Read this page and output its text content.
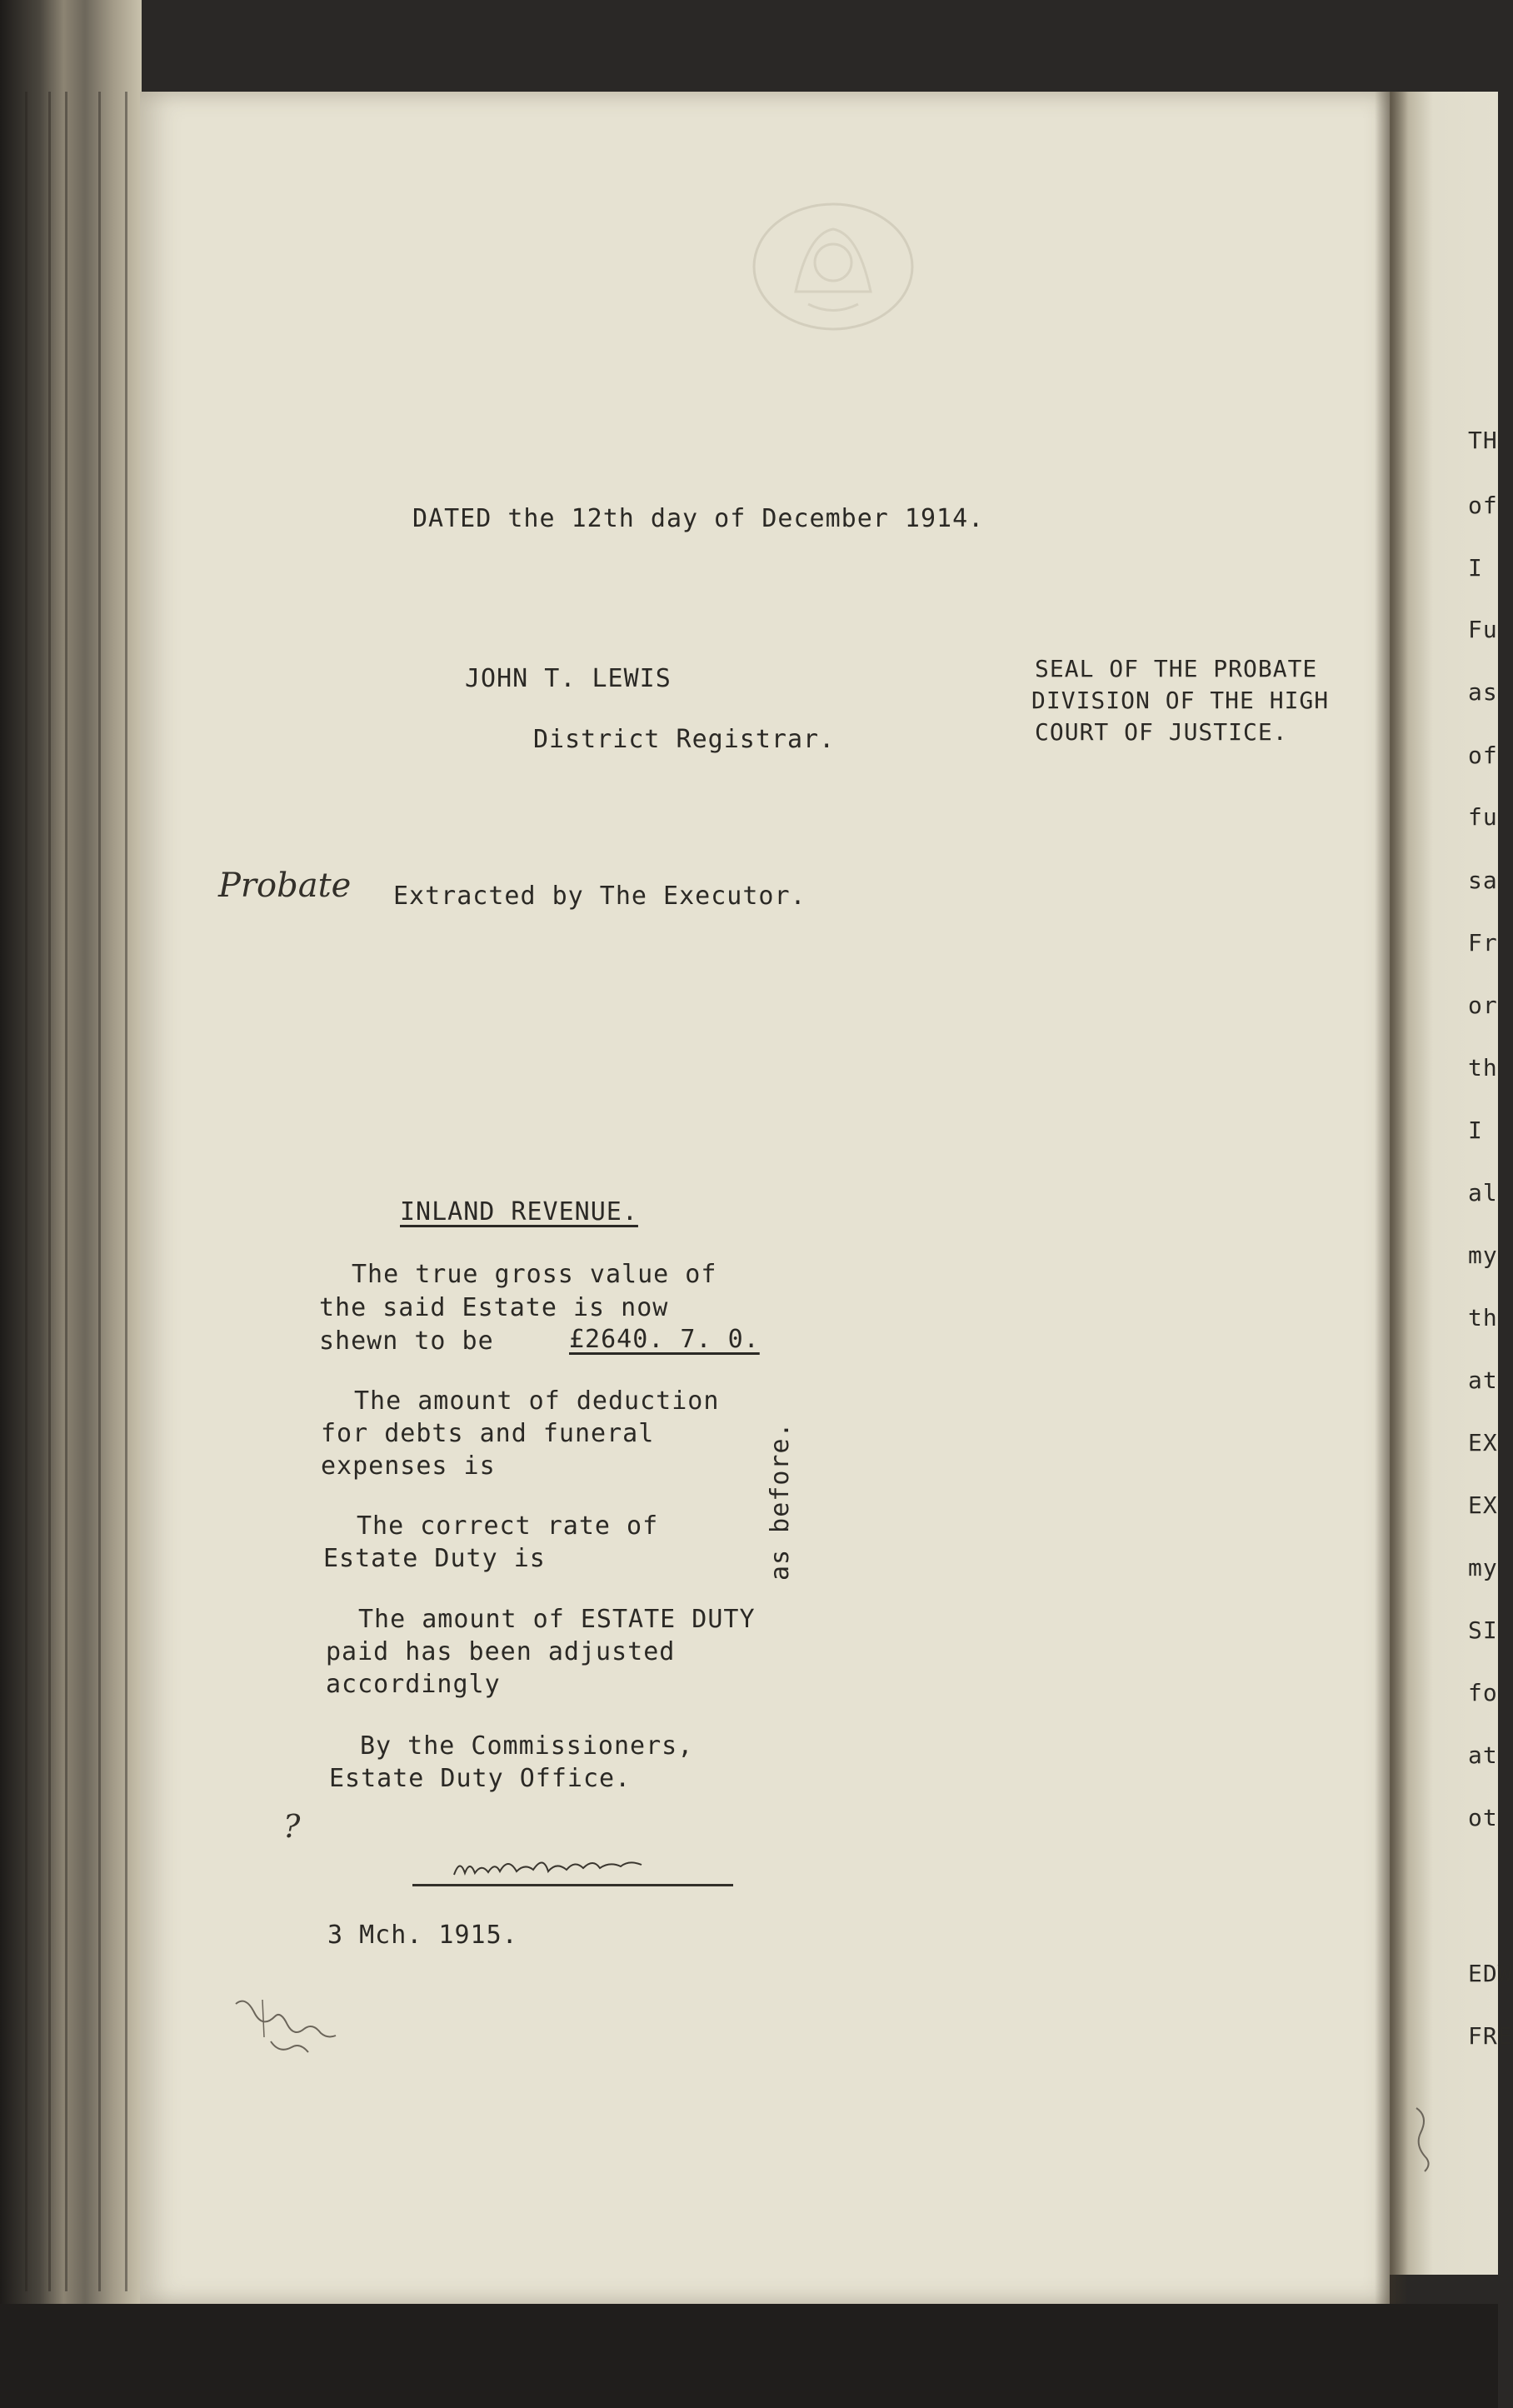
DATED the 12th day of December 1914.
JOHN T. LEWIS
District Registrar.
SEAL OF THE PROBATE
DIVISION OF THE HIGH
COURT OF JUSTICE.
Probate Extracted by The Executor.
INLAND REVENUE.
The true gross value of
the said Estate is now
shewn to be	£2640. 7. 0.
The amount of deduction
for debts and funeral
expenses is
The correct rate of
Estate Duty is	as before.
The amount of ESTATE DUTY
paid has been adjusted
accordingly
By the Commissioners,
Estate Duty Office.
?
3 Mch. 1915.
TH
of
I
Fu
as
of
fu
sa
Fr
or
th
I
al
my
th
at
EX
EX
my
SI
fo
at
ot
EDW
FRE
